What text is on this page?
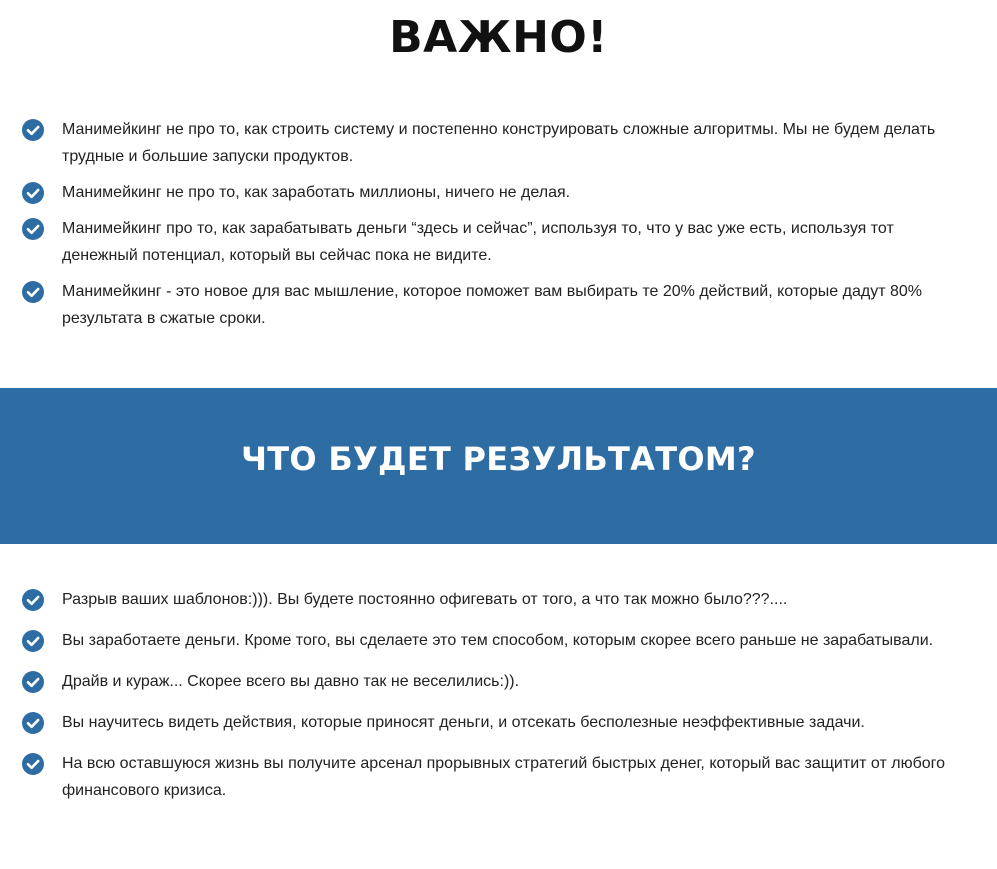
ВАЖНО!
Манимейкинг не про то, как строить систему и постепенно конструировать сложные алгоритмы. Мы не будем делать трудные и большие запуски продуктов.
Манимейкинг не про то, как заработать миллионы, ничего не делая.
Манимейкинг про то, как зарабатывать деньги “здесь и сейчас”, используя то, что у вас уже есть, используя тот денежный потенциал, который вы сейчас пока не видите.
Манимейкинг - это новое для вас мышление, которое поможет вам выбирать те 20% действий, которые дадут 80% результата в сжатые сроки.
ЧТО БУДЕТ РЕЗУЛЬТАТОМ?
Разрыв ваших шаблонов:))). Вы будете постоянно офигевать от того, а что так можно было???....
Вы заработаете деньги. Кроме того, вы сделаете это тем способом, которым скорее всего раньше не зарабатывали.
Драйв и кураж... Скорее всего вы давно так не веселились:)).
Вы научитесь видеть действия, которые приносят деньги, и отсекать бесполезные неэффективные задачи.
На всю оставшуюся жизнь вы получите арсенал прорывных стратегий быстрых денег, который вас защитит от любого финансового кризиса.
